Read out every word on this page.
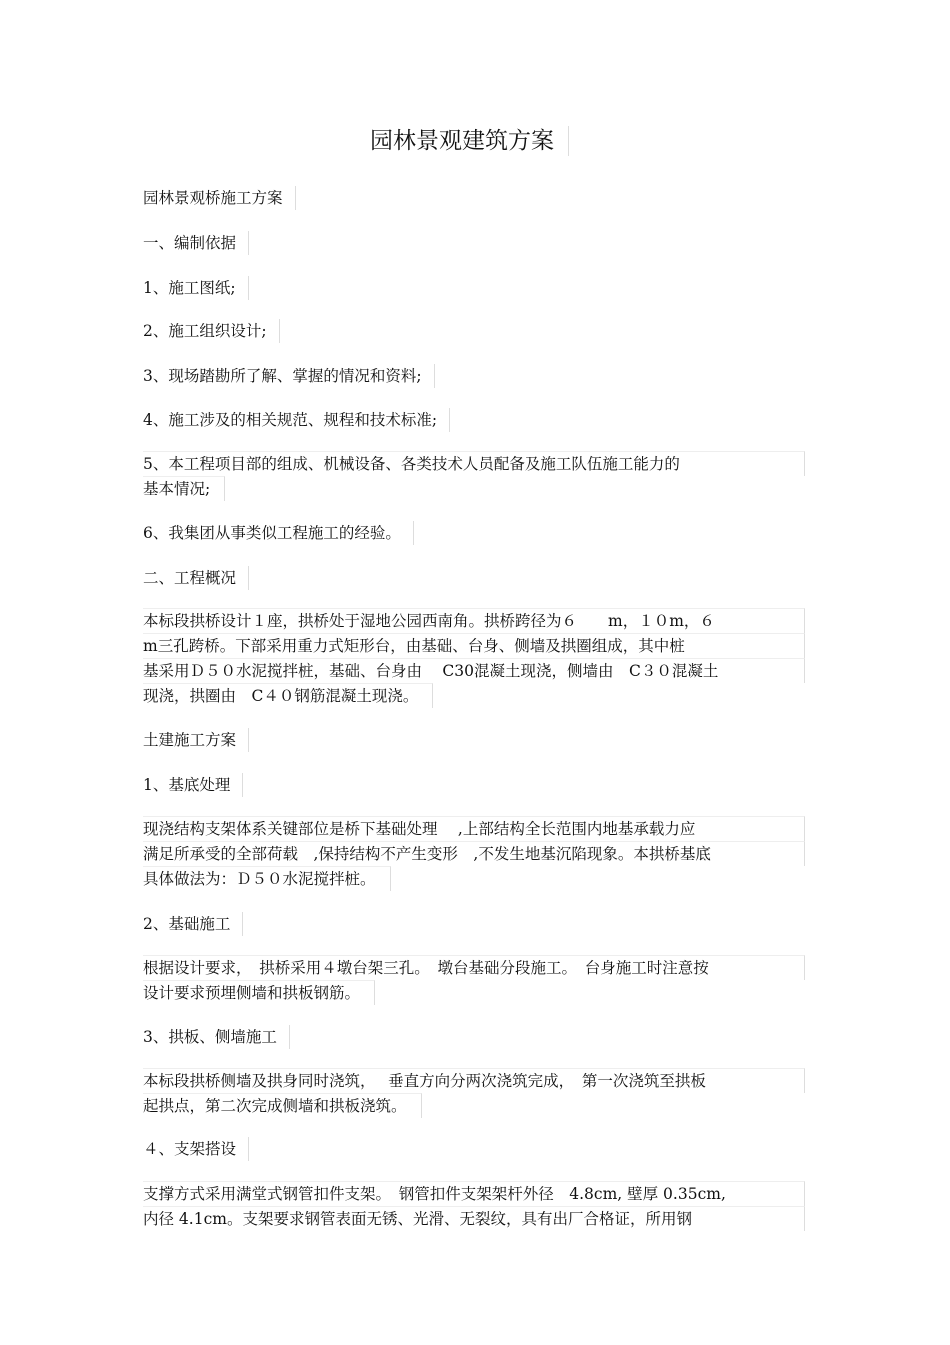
园林景观建筑方案
园林景观桥施工方案
一、编制依据
1、施工图纸;
2、施工组织设计;
3、现场踏勘所了解、掌握的情况和资料;
4、施工涉及的相关规范、规程和技术标准;
5、本工程项目部的组成、机械设备、各类技术人员配备及施工队伍施工能力的
基本情况;
6、我集团从事类似工程施工的经验。
二、工程概况
本标段拱桥设计１座，拱桥处于湿地公园西南角。拱桥跨径为６　　m，１０m，６
m三孔跨桥。下部采用重力式矩形台，由基础、台身、侧墙及拱圈组成，其中桩
基采用Ｄ５０水泥搅拌桩，基础、台身由　 C30混凝土现浇，侧墙由　C３０混凝土
现浇，拱圈由　C４０钢筋混凝土现浇。
土建施工方案
1、基底处理
现浇结构支架体系关键部位是桥下基础处理　 ,上部结构全长范围内地基承载力应
满足所承受的全部荷载　,保持结构不产生变形　,不发生地基沉陷现象。本拱桥基底
具体做法为：Ｄ５０水泥搅拌桩。
2、基础施工
根据设计要求，　拱桥采用４墩台架三孔。　墩台基础分段施工。　台身施工时注意按
设计要求预埋侧墙和拱板钢筋。
3、拱板、侧墙施工
本标段拱桥侧墙及拱身同时浇筑，　 垂直方向分两次浇筑完成，　第一次浇筑至拱板
起拱点，第二次完成侧墙和拱板浇筑。
４、支架搭设
支撑方式采用满堂式钢管扣件支架。　钢管扣件支架架杆外径　4.8cm, 壁厚 0.35cm,
内径 4.1cm。支架要求钢管表面无锈、光滑、无裂纹，具有出厂合格证，所用钢
